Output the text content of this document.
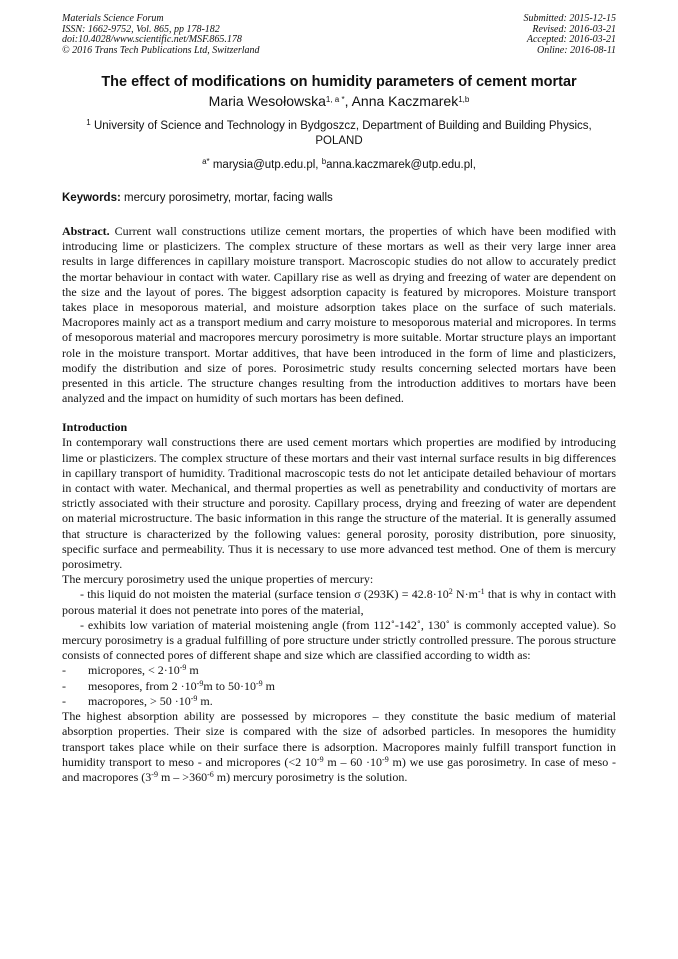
Materials Science Forum
ISSN: 1662-9752, Vol. 865, pp 178-182
doi:10.4028/www.scientific.net/MSF.865.178
© 2016 Trans Tech Publications Ltd, Switzerland
Submitted: 2015-12-15
Revised: 2016-03-21
Accepted: 2016-03-21
Online: 2016-08-11
The effect of modifications on humidity parameters of cement mortar
Maria Wesołowska$^{1, a *}$, Anna Kaczmarek$^{1,b}$
$^1$ University of Science and Technology in Bydgoszcz, Department of Building and Building Physics, POLAND
$^{a*}$ marysia@utp.edu.pl, $^b$anna.kaczmarek@utp.edu.pl,
Keywords: mercury porosimetry, mortar, facing walls
Abstract. Current wall constructions utilize cement mortars, the properties of which have been modified with introducing lime or plasticizers. The complex structure of these mortars as well as their very large inner area results in large differences in capillary moisture transport. Macroscopic studies do not allow to accurately predict the mortar behaviour in contact with water. Capillary rise as well as drying and freezing of water are dependent on the size and the layout of pores. The biggest adsorption capacity is featured by micropores. Moisture transport takes place in mesoporous material, and moisture adsorption takes place on the surface of such materials. Macropores mainly act as a transport medium and carry moisture to mesoporous material and micropores. In terms of mesoporous material and macropores mercury porosimetry is more suitable. Mortar structure plays an important role in the moisture transport. Mortar additives, that have been introduced in the form of lime and plasticizers, modify the distribution and size of pores. Porosimetric study results concerning selected mortars have been presented in this article. The structure changes resulting from the introduction additives to mortars have been analyzed and the impact on humidity of such mortars has been defined.
Introduction

In contemporary wall constructions there are used cement mortars which properties are modified by introducing lime or plasticizers. The complex structure of these mortars and their vast internal surface results in big differences in capillary transport of humidity. Traditional macroscopic tests do not let anticipate detailed behaviour of mortars in contact with water. Mechanical, and thermal properties as well as penetrability and conductivity of mortars are strictly associated with their structure and porosity. Capillary process, drying and freezing of water are dependent on material microstructure. The basic information in this range the structure of the material. It is generally assumed that structure is characterized by the following values: general porosity, porosity distribution, pore sinuosity, specific surface and permeability. Thus it is necessary to use more advanced test method. One of them is mercury porosimetry.

The mercury porosimetry used the unique properties of mercury:

- this liquid do not moisten the material (surface tension σ $(293K) = 42.8\cdot 10^2$ $N\cdot m^{-1}$ that is why in contact with porous material it does not penetrate into pores of the material,

- exhibits low variation of material moistening angle (from 112˚-142˚, 130˚ is commonly accepted value). So mercury porosimetry is a gradual fulfilling of pore structure under strictly controlled pressure. The porous structure consists of connected pores of different shape and size which are classified according to width as:

-	micropores, < $2\cdot 10^{-9}$ m
-	mesopores, from $2 \cdot 10^{-9}m$ to $50\cdot 10^{-9}$ m
-	macropores, > $50 \cdot 10^{-9}$ m.

The highest absorption ability are possessed by micropores – they constitute the basic medium of material absorption properties. Their size is compared with the size of adsorbed particles. In mesopores the humidity transport takes place while on their surface there is adsorption. Macropores mainly fulfill transport function in humidity transport to meso - and micropores (<2 $10^{-9}$ $m - 60 \cdot 10^{-9}$ m) we use gas porosimetry. In case of meso - and macropores ($3^{-9}$ $m - >360^{-6}$ m) mercury porosimetry is the solution.
